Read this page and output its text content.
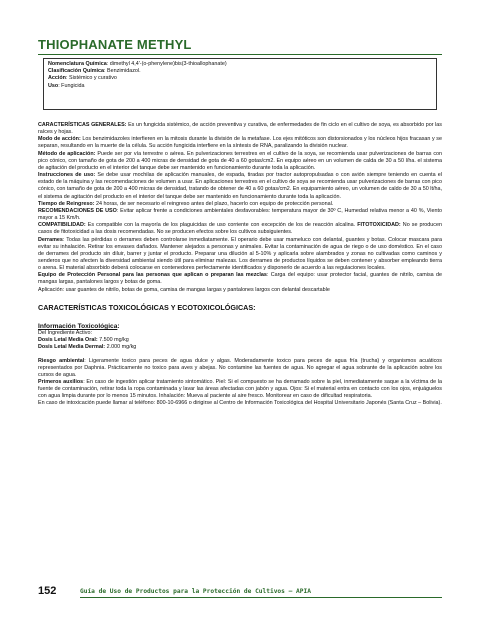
THIOPHANATE METHYL
Nomenclatura Química: dimethyl 4,4'-(o-phenylene)bis(3-thioallophanate)
Clasificación Química: Benzimidazol.
Acción: Sistémico y curativo
Uso: Fungicida

CARACTERÍSTICAS GENERALES: Es un fungicida sistémico, de acción preventiva y curativa, de enfermedades de fin ciclo en el cultivo de soya, es absorbido por las raíces y hojas.

Modo de acción: Los benzimidazoles interfieren en la mitosis durante la división de la metafase. Los ejes mitóticos son distorsionados y los núcleos hijos fracasan y se separan, resultando en la muerte de la célula. Su acción fungicida interfiere en la síntesis de RNA, paralizando la división nuclear.

Método de aplicación: Puede ser por vía terrestre o aérea. En pulverizaciones terrestres en el cultivo de la soya, se recomienda usar pulverizaciones de barras con pico cónico, con tamaño de gota de 200 a 400 micras de densidad de gota de 40 a 60 gotas/cm2. En equipo aéreo en un volumen de calda de 30 a 50 l/ha. el sistema de agitación del producto en el interior del tanque debe ser mantenido en funcionamiento durante toda la aplicación.

Instrucciones de uso: Se debe usar mochilas de aplicación manuales, de espada, tiradas por tractor autopropulsadas o con avión siempre teniendo en cuenta el estado de la máquina y las recomendaciones de volumen a usar. En aplicaciones terrestres en el cultivo de soya se recomienda usar pulverizaciones de barras con pico cónico, con tamaño de gota de 200 a 400 micras de densidad, tratando de obtener de 40 a 60 gotas/cm2. En equipamiento aéreo, un volumen de caldo de 30 a 50 lt/ha, el sistema de agitación del producto en el interior del tanque debe ser mantenido en funcionamiento durante toda la aplicación.

Tiempo de Reingreso: 24 horas, de ser necesario el reingreso antes del plazo, hacerlo con equipo de protección personal.

RECOMENDACIONES DE USO: Evitar aplicar frente a condiciones ambientales desfavorables: temperatura mayor de 30º C, Humedad relativa menor a 40 %, Viento mayor a 15 Km/h.

COMPATIBILIDAD: Es compatible con la mayoría de los plaguicidas de uso corriente con excepción de los de reacción alcalina. FITOTOXICIDAD: No se producen casos de fitotoxicidad a las dosis recomendadas. No se producen efectos sobre los cultivos subsiguientes.

Derrames: Todas las pérdidas o derrames deben controlarse inmediatamente. El operario debe usar mameluco con delantal, guantes y botas. Colocar mascara para evitar su inhalación. Retirar los envases dañados. Mantener alejados a personas y animales. Evitar la contaminación de agua de riego o de uso doméstico. En el caso de derrames del producto sin diluir, barrer y juntar el producto. Preparar una dilución al 5-10% y aplicarla sobre alambrados y zonas no cultivadas como caminos y senderos que no afecten la diversidad ambiental siendo útil para eliminar malezas. Los derrames de productos líquidos se deben contener y absorber empleando tierra o arena. El material absorbido deberá colocarse en contenedores perfectamente identificados y disponerlo de acuerdo a las regulaciones locales.

Equipo de Protección Personal para las personas que aplican o preparan las mezclas: Carga del equipo: usar protector facial, guantes de nitrilo, camisa de mangas largas, pantalones largos y botas de goma.

Aplicación: usar guantes de nitrilo, botas de goma, camisa de mangas largas y pantalones largos con delantal descartable

CARACTERÍSTICAS TOXICOLÓGICAS Y ECOTOXICOLÓGICAS:

Información Toxicológica:

Del Ingrediente Activo:

Dosis Letal Media Oral: 7.500 mg/kg

Dosis Letal Media Dermal: 2.000 mg/kg

Riesgo ambiental: Ligeramente toxico para peces de agua dulce y algas. Moderadamente toxico para peces de agua fría (trucha) y organismos acuáticos representados por Daphnia. Prácticamente no toxico para aves y abejas. No contamine las fuentes de agua. No agregar el agua sobrante de la aplicación sobre los cursos de agua.

Primeros auxilios: En caso de ingestión aplicar tratamiento sintomático. Piel: Si el compuesto se ha derramado sobre la piel, inmediatamente saque a la víctima de la fuente de contaminación, retirar toda la ropa contaminada y lavar las áreas afectadas con jabón y agua. Ojos: Si el material entra en contacto con los ojos, enjuáguelos con agua limpia durante por lo menos 15 minutos. Inhalación: Mueva al paciente al aire fresco. Monitorear en caso de dificultad respiratoria.

En caso de intoxicación puede llamar al teléfono: 800-10-6966 o dirigirse al Centro de Información Toxicológica del Hospital Universitario Japonés (Santa Cruz – Bolivia).

152	Guía de Uso de Productos para la Protección de Cultivos – APIA
